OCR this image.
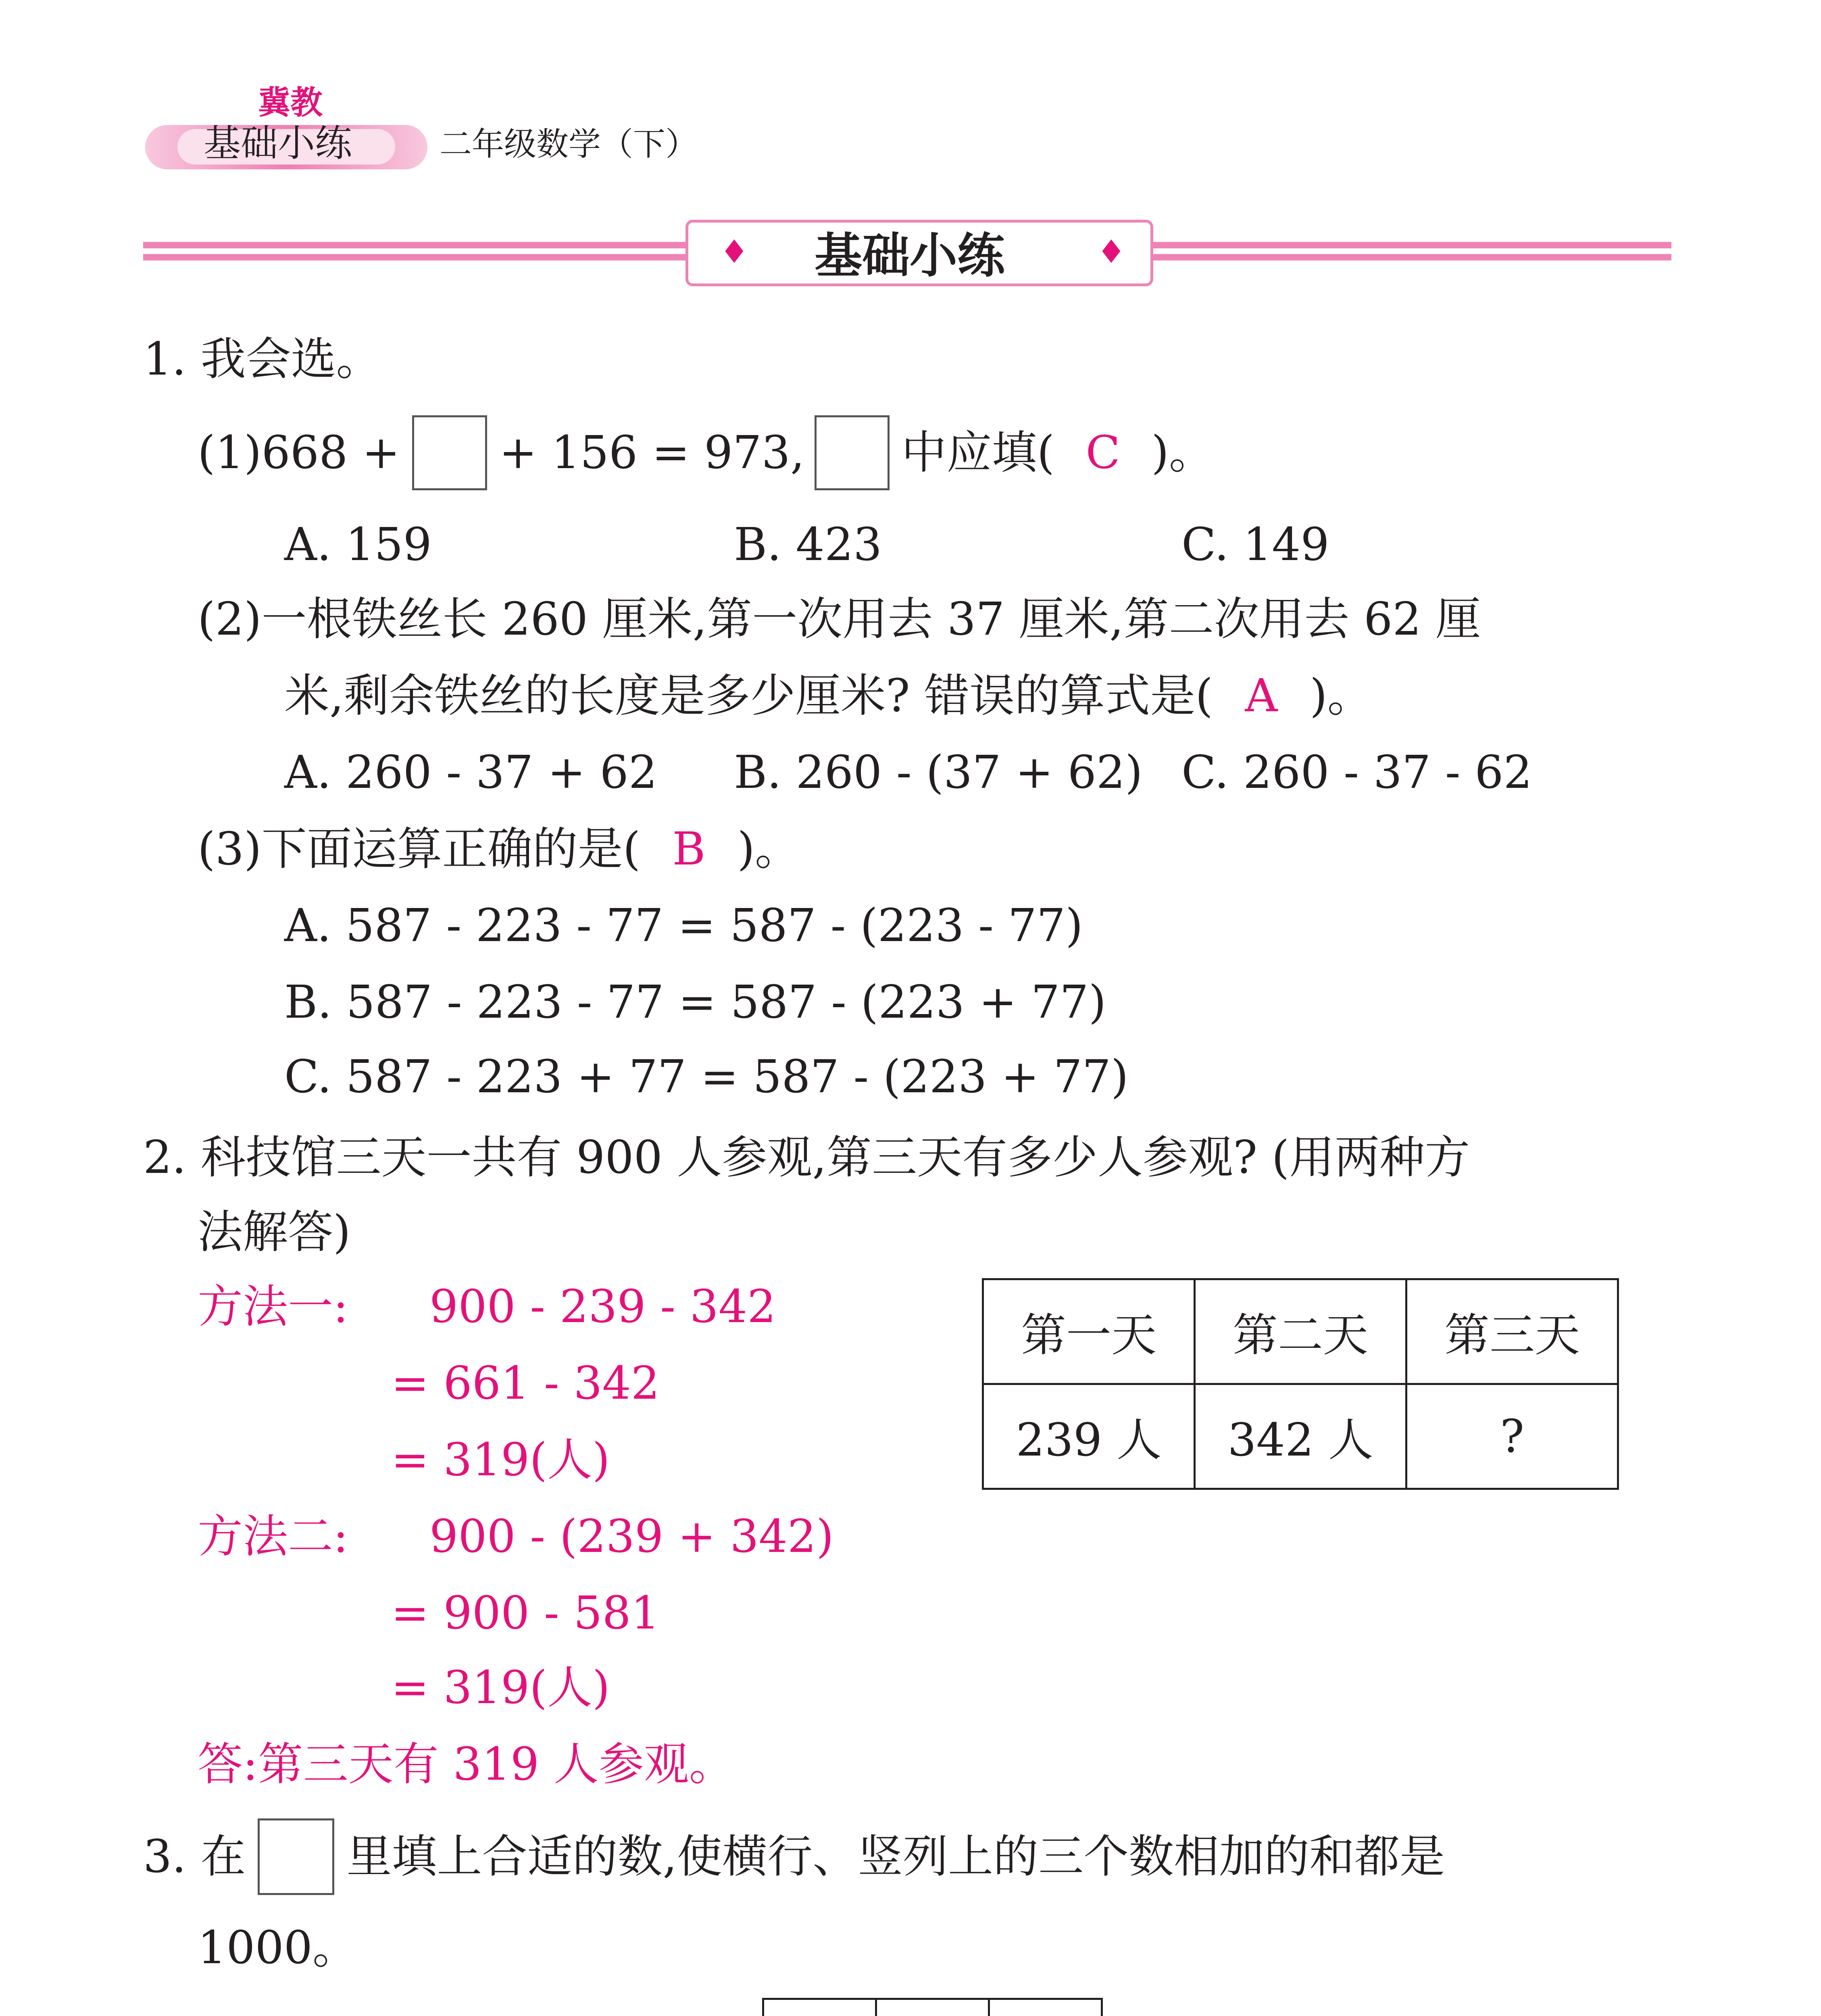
冀教
基础小练	二年级数学（下）
♦	♦
基础小练
1. 我会选。
(1)668 + + 156 = 973, 中应填( C )。
A. 159	B. 423	C. 149
(2)一根铁丝长 260 厘米,第一次用去 37 厘米,第二次用去 62 厘
米,剩余铁丝的长度是多少厘米? 错误的算式是( A )。
A. 260 - 37 + 62 B. 260 - (37 + 62) C. 260 - 37 - 62
(3)下面运算正确的是( B )。
A. 587 - 223 - 77 = 587 - (223 - 77)
B. 587 - 223 - 77 = 587 - (223 + 77)
C. 587 - 223 + 77 = 587 - (223 + 77)
2. 科技馆三天一共有 900 人参观,第三天有多少人参观? (用两种方
法解答)
方法一: 900 - 239 - 342
= 661 - 342
= 319(人)
方法二: 900 - (239 + 342)
= 900 - 581
= 319(人)
答:第三天有 319 人参观。
第一天	第二天	第三天
239 人	342 人	?
3. 在 里填上合适的数,使横行、竖列上的三个数相加的和都是
1000。
